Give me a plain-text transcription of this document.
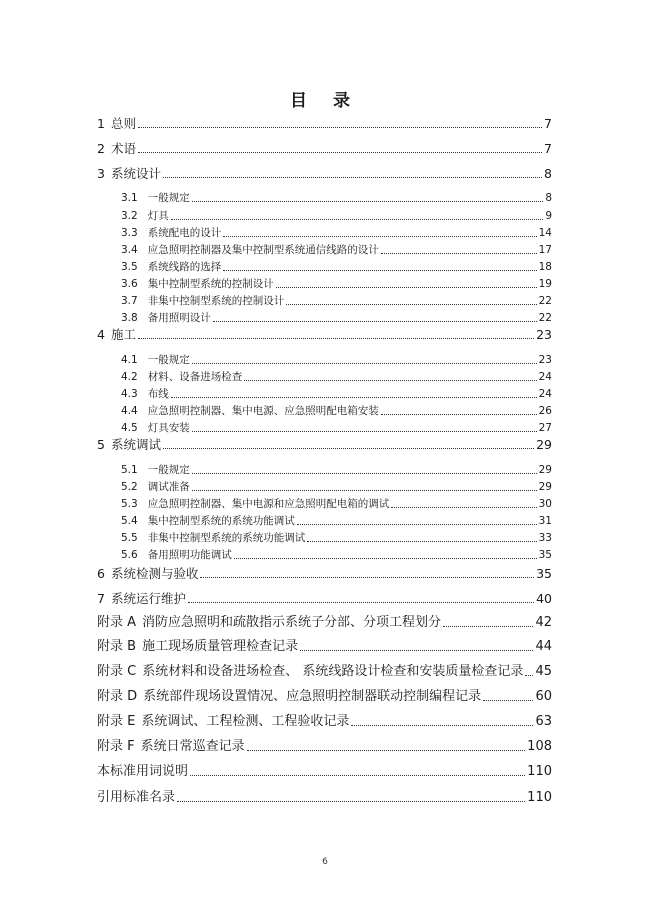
目 录
1 总则	7
2 术语	7
3 系统设计	8
3.1 一般规定	8
3.2 灯具	9
3.3 系统配电的设计	14
3.4 应急照明控制器及集中控制型系统通信线路的设计	17
3.5 系统线路的选择	18
3.6 集中控制型系统的控制设计	19
3.7 非集中控制型系统的控制设计	22
3.8 备用照明设计	22
4 施工	23
4.1 一般规定	23
4.2 材料、设备进场检查	24
4.3 布线	24
4.4 应急照明控制器、集中电源、应急照明配电箱安装	26
4.5 灯具安装	27
5 系统调试	29
5.1 一般规定	29
5.2 调试准备	29
5.3 应急照明控制器、集中电源和应急照明配电箱的调试	30
5.4 集中控制型系统的系统功能调试	31
5.5 非集中控制型系统的系统功能调试	33
5.6 备用照明功能调试	35
6 系统检测与验收	35
7 系统运行维护	40
附录 A 消防应急照明和疏散指示系统子分部、分项工程划分	42
附录 B 施工现场质量管理检查记录	44
附录 C 系统材料和设备进场检查、 系统线路设计检查和安装质量检查记录 45
附录 D 系统部件现场设置情况、应急照明控制器联动控制编程记录	60
附录 E 系统调试、工程检测、工程验收记录	63
附录 F 系统日常巡查记录	108
本标准用词说明	110
引用标准名录	110
6
